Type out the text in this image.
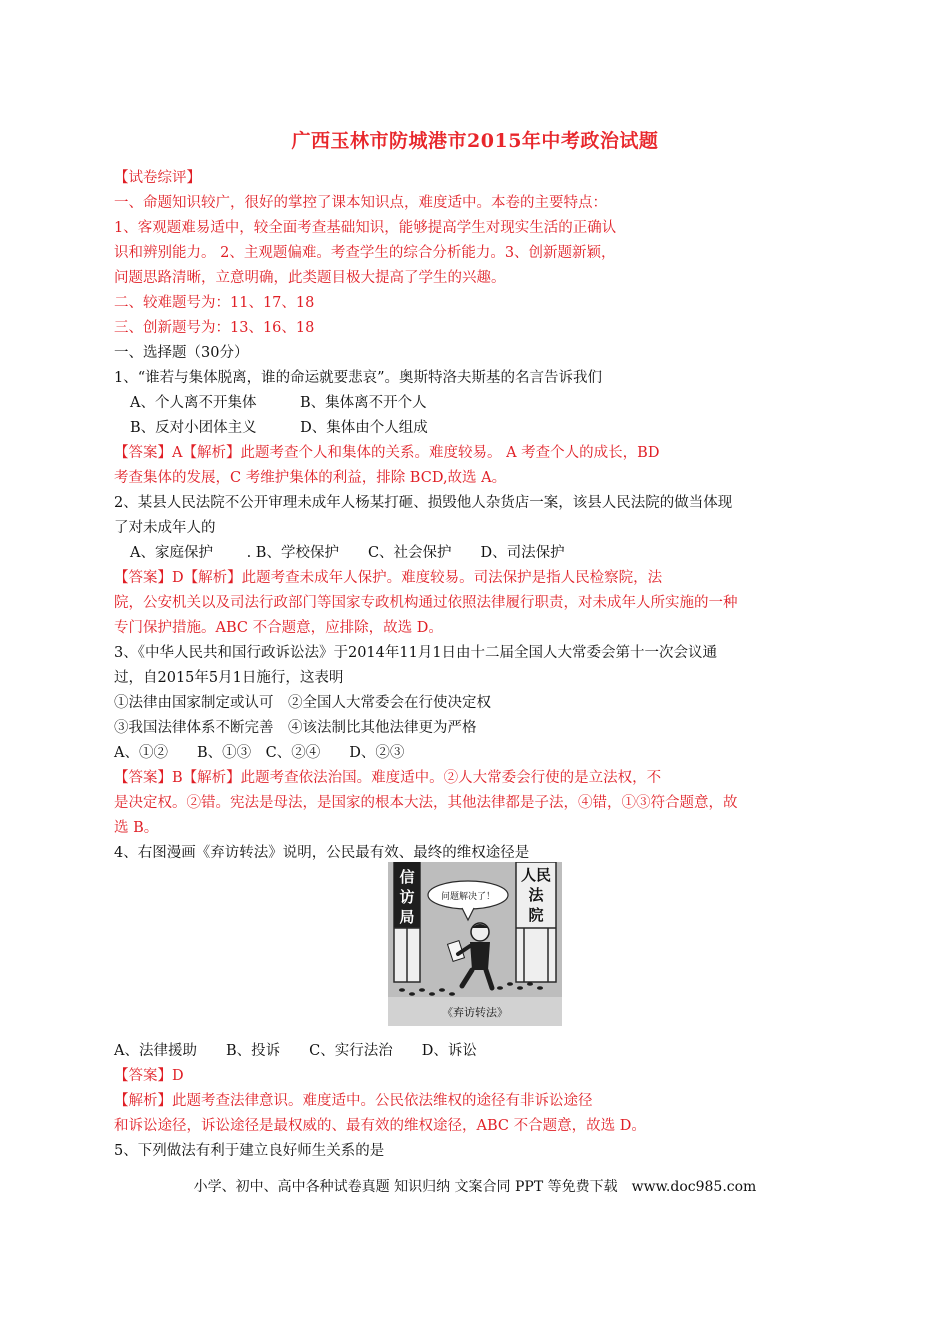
广西玉林市防城港市2015年中考政治试题
【试卷综评】
一、命题知识较广，很好的掌控了课本知识点，难度适中。本卷的主要特点：
1、客观题难易适中，较全面考查基础知识，能够提高学生对现实生活的正确认
识和辨别能力。 2、主观题偏难。考查学生的综合分析能力。3、创新题新颖，
问题思路清晰，立意明确，此类题目极大提高了学生的兴趣。
二、较难题号为：11、17、18
三、创新题号为：13、16、18
一、选择题（30分）
1、“谁若与集体脱离，谁的命运就要悲哀”。奥斯特洛夫斯基的名言告诉我们
A、个人离不开集体　　　B、集体离不开个人
B、反对小团体主义　　　D、集体由个人组成
【答案】A【解析】此题考查个人和集体的关系。难度较易。 A 考查个人的成长，BD
考查集体的发展，C 考维护集体的利益，排除 BCD,故选 A。
2、某县人民法院不公开审理未成年人杨某打砸、损毁他人杂货店一案，该县人民法院的做当体现
了对未成年人的
A、家庭保护　　 . B、学校保护　　C、社会保护　　D、司法保护
【答案】D【解析】此题考查未成年人保护。难度较易。司法保护是指人民检察院，法
院，公安机关以及司法行政部门等国家专政机构通过依照法律履行职责，对未成年人所实施的一种
专门保护措施。ABC 不合题意，应排除，故选 D。
3、《中华人民共和国行政诉讼法》于2014年11月1日由十二届全国人大常委会第十一次会议通
过，自2015年5月1日施行，这表明
①法律由国家制定或认可　②全国人大常委会在行使决定权
③我国法律体系不断完善　④该法制比其他法律更为严格
A、①②　　B、①③　C、②④　　D、②③
【答案】B【解析】此题考查依法治国。难度适中。②人大常委会行使的是立法权，不
是决定权。②错。宪法是母法，是国家的根本大法，其他法律都是子法，④错，①③符合题意，故
选 B。
4、右图漫画《弃访转法》说明，公民最有效、最终的维权途径是
信
访
局
人民
法
院
问题解决了！
《弃访转法》
A、法律援助　　B、投诉　　C、实行法治　　D、诉讼
【答案】D
【解析】此题考查法律意识。难度适中。公民依法维权的途径有非诉讼途径
和诉讼途径，诉讼途径是最权威的、最有效的维权途径，ABC 不合题意，故选 D。
5、下列做法有利于建立良好师生关系的是
小学、初中、高中各种试卷真题 知识归纳 文案合同 PPT 等免费下载　www.doc985.com
